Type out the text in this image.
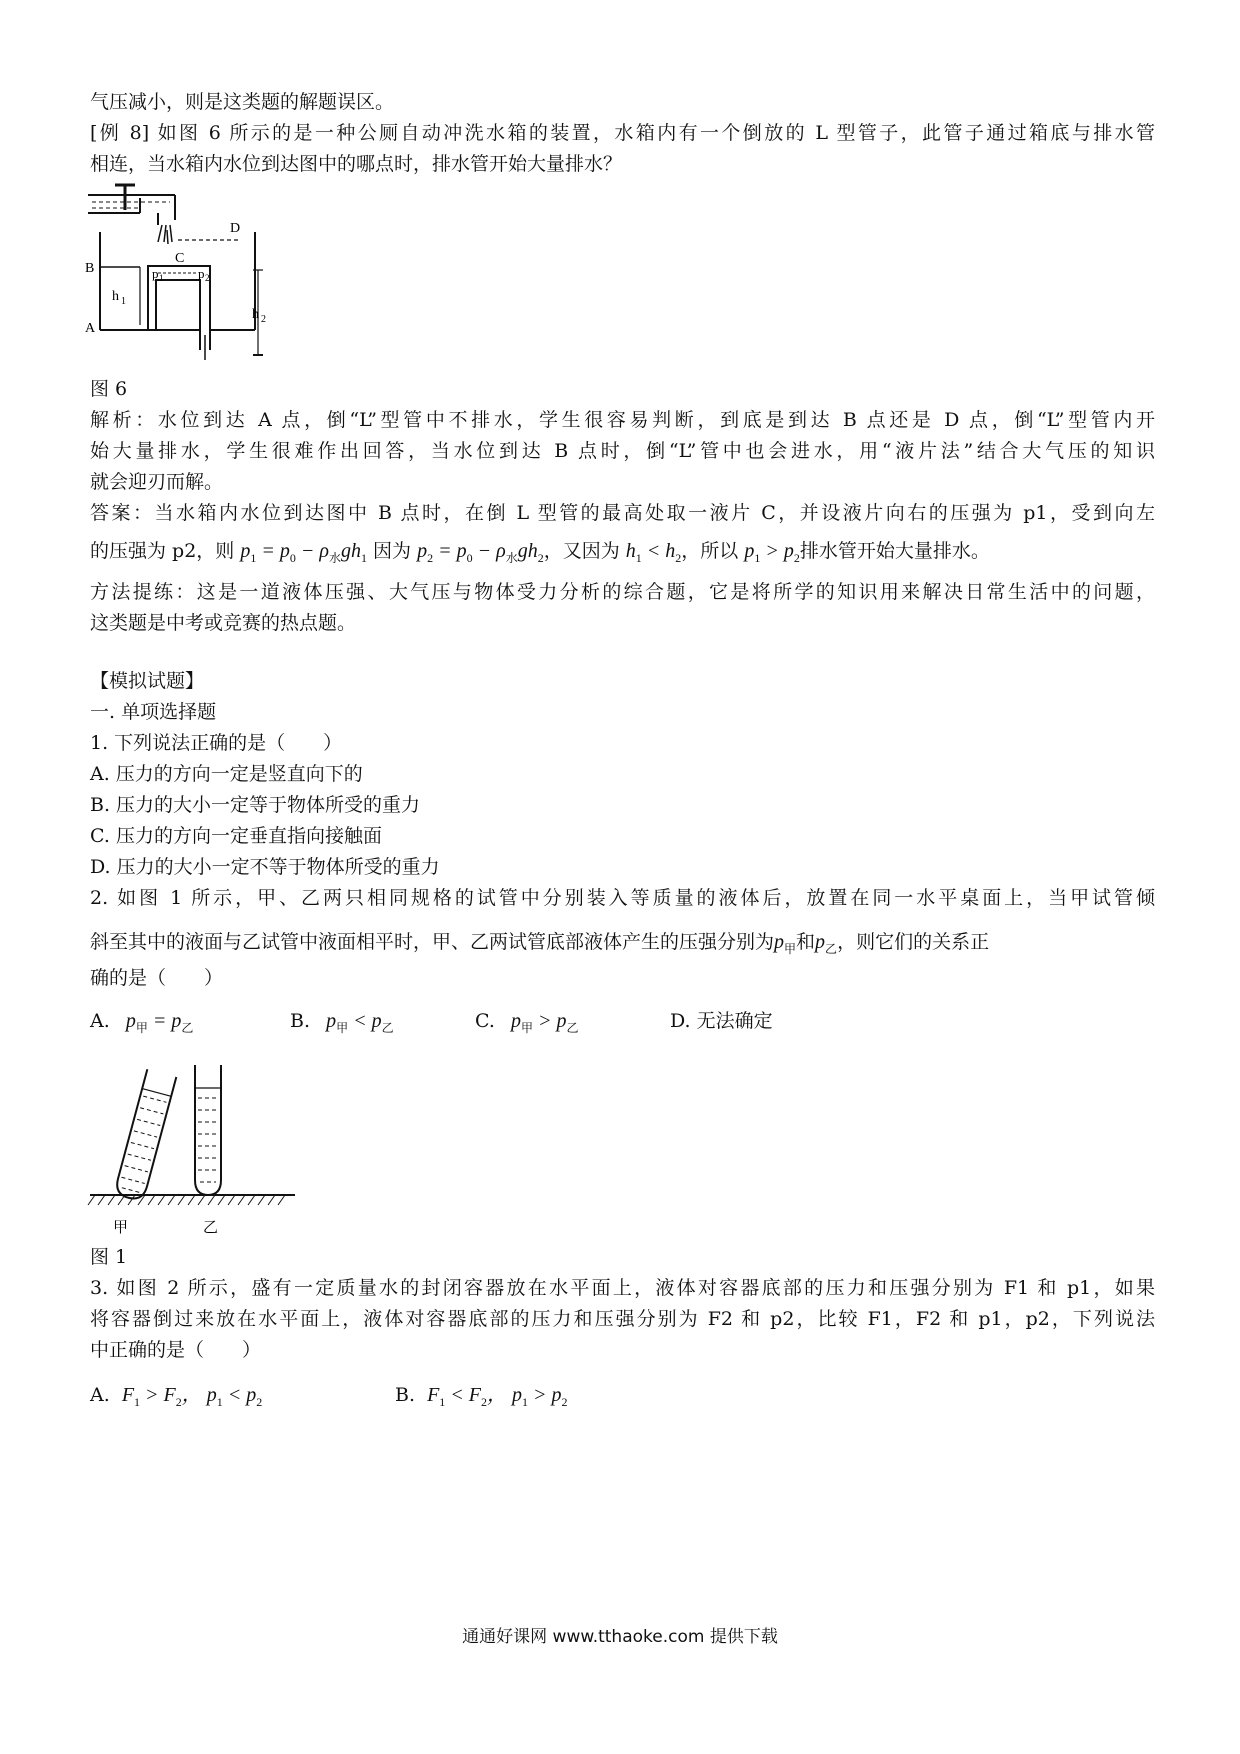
气压减小，则是这类题的解题误区。
[例 8] 如图 6 所示的是一种公厕自动冲洗水箱的装置，水箱内有一个倒放的 L 型管子，此管子通过箱底与排水管
相连，当水箱内水位到达图中的哪点时，排水管开始大量排水？
D
B
A
C
h 1
h 2
p 1	p 2
图 6
解析：水位到达 A 点，倒“L”型管中不排水，学生很容易判断，到底是到达 B 点还是 D 点，倒“L”型管内开
始大量排水，学生很难作出回答，当水位到达 B 点时，倒“L”管中也会进水，用“液片法”结合大气压的知识
就会迎刃而解。
答案：当水箱内水位到达图中 B 点时，在倒 L 型管的最高处取一液片 C，并设液片向右的压强为 p1，受到向左
的压强为 p2，则 $p_1 = p_0 - \rho_水gh_1$ 因为 $p_2 = p_0 - \rho_水gh_2$，又因为 $h_1 < h_2$，所以 $p_1 > p_2$排水管开始大量排水。
方法提练：这是一道液体压强、大气压与物体受力分析的综合题，它是将所学的知识用来解决日常生活中的问题，
这类题是中考或竞赛的热点题。
【模拟试题】
一. 单项选择题
1. 下列说法正确的是（　　）
A. 压力的方向一定是竖直向下的
B. 压力的大小一定等于物体所受的重力
C. 压力的方向一定垂直指向接触面
D. 压力的大小一定不等于物体所受的重力
2. 如图 1 所示，甲、乙两只相同规格的试管中分别装入等质量的液体后，放置在同一水平桌面上，当甲试管倾
斜至其中的液面与乙试管中液面相平时，甲、乙两试管底部液体产生的压强分别为$p_甲$和$p_乙$，则它们的关系正
确的是（　　）
A. $p_甲 = p_乙$	B. $p_甲 < p_乙$	C. $p_甲 > p_乙$	D. 无法确定
甲	乙
图 1
3. 如图 2 所示，盛有一定质量水的封闭容器放在水平面上，液体对容器底部的压力和压强分别为 F1 和 p1，如果
将容器倒过来放在水平面上，液体对容器底部的压力和压强分别为 F2 和 p2，比较 F1，F2 和 p1，p2，下列说法
中正确的是（　　）
A. $F_1 > F_2$， $p_1 < p_2$	B. $F_1 < F_2$， $p_1 > p_2$
通通好课网 www.tthaoke.com 提供下载
